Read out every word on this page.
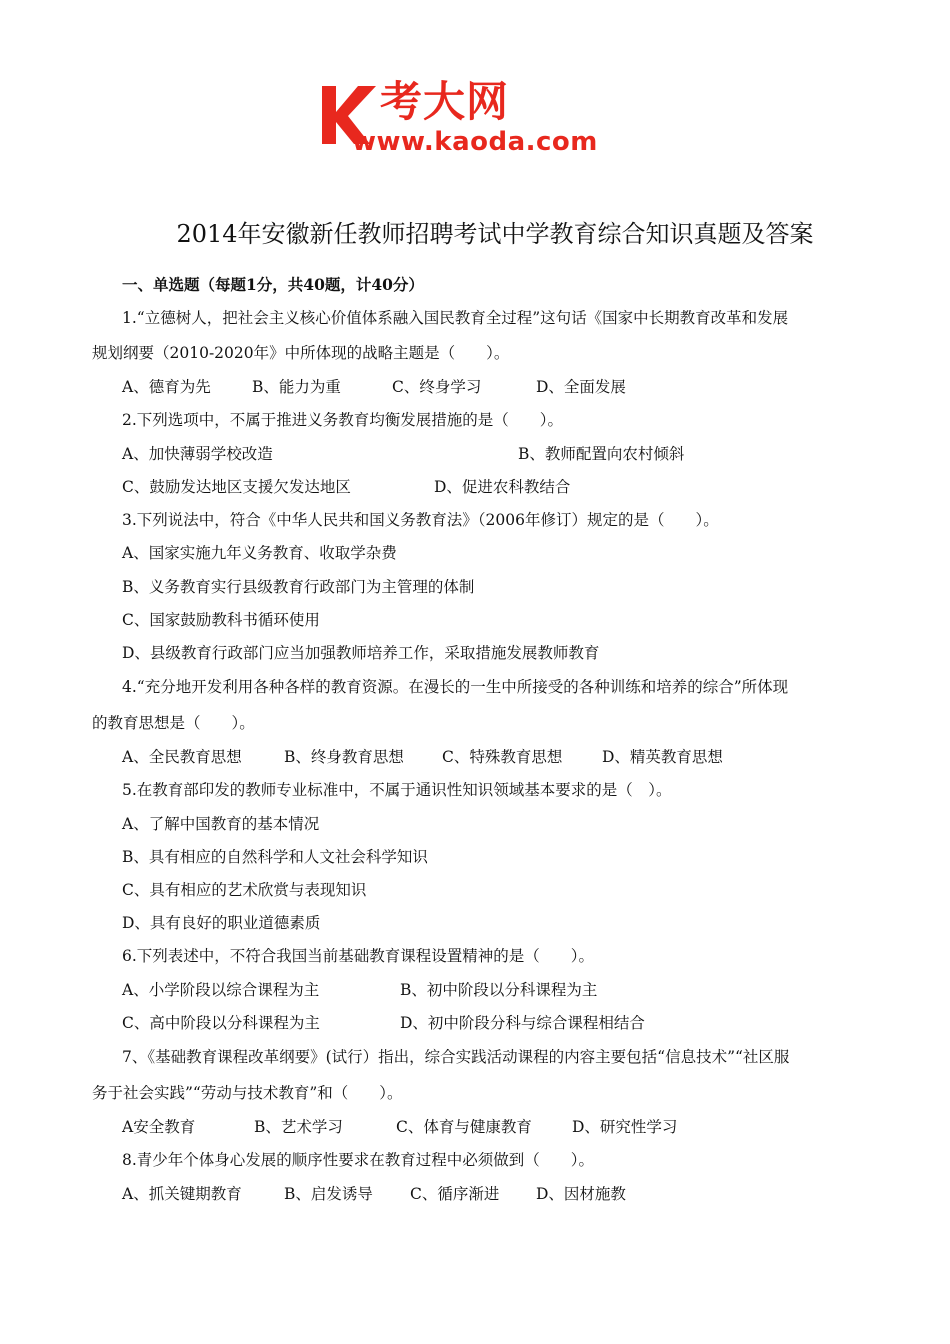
考大网
www.kaoda.com
2014年安徽新任教师招聘考试中学教育综合知识真题及答案
一、单选题（每题1分，共40题，计40分）
1.“立德树人，把社会主义核心价值体系融入国民教育全过程”这句话《国家中长期教育改革和发展
规划纲要（2010-2020年》中所体现的战略主题是（　　）。
A、德育为先	B、能力为重	C、终身学习	D、全面发展
2.下列选项中，不属于推进义务教育均衡发展措施的是（　　）。
A、加快薄弱学校改造	B、教师配置向农村倾斜
C、鼓励发达地区支援欠发达地区	D、促进农科教结合
3.下列说法中，符合《中华人民共和国义务教育法》（2006年修订）规定的是（　　）。
A、国家实施九年义务教育、收取学杂费
B、义务教育实行县级教育行政部门为主管理的体制
C、国家鼓励教科书循环使用
D、县级教育行政部门应当加强教师培养工作，采取措施发展教师教育
4.“充分地开发利用各种各样的教育资源。在漫长的一生中所接受的各种训练和培养的综合”所体现
的教育思想是（　　）。
A、全民教育思想	B、终身教育思想 C、特殊教育思想	D、精英教育思想
5.在教育部印发的教师专业标准中，不属于通识性知识领域基本要求的是（　）。
A、了解中国教育的基本情况
B、具有相应的自然科学和人文社会科学知识
C、具有相应的艺术欣赏与表现知识
D、具有良好的职业道德素质
6.下列表述中，不符合我国当前基础教育课程设置精神的是（　　）。
A、小学阶段以综合课程为主	B、初中阶段以分科课程为主
C、高中阶段以分科课程为主	D、初中阶段分科与综合课程相结合
7、《基础教育课程改革纲要》(试行）指出，综合实践活动课程的内容主要包括“信息技术”“社区服
务于社会实践”“劳动与技术教育”和（　　）。
A安全教育	B、艺术学习	C、体育与健康教育	D、研究性学习
8.青少年个体身心发展的顺序性要求在教育过程中必须做到（　　）。
A、抓关键期教育	B、启发诱导 C、循序渐进 D、因材施教
